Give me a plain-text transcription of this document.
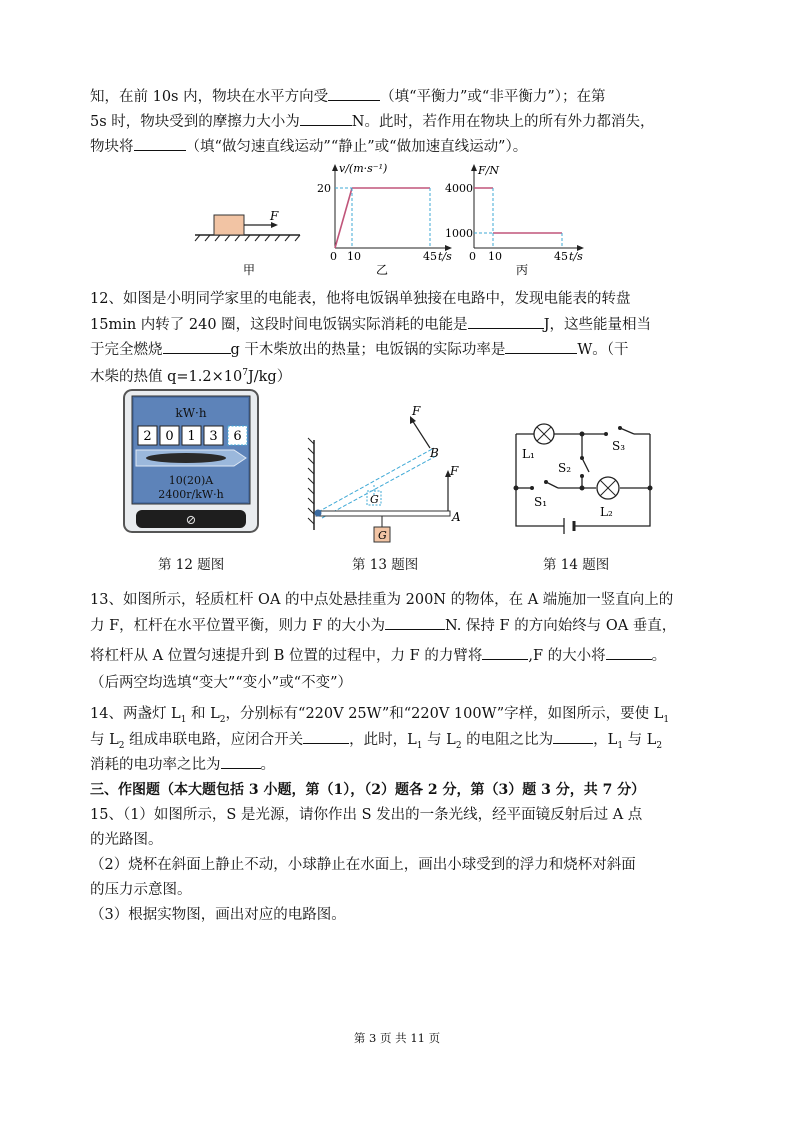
知，在前 10s 内，物块在水平方向受	（填“平衡力”或“非平衡力”）；在第
5s 时，物块受到的摩擦力大小为	N。此时，若作用在物块上的所有外力都消失，
物块将	（填“做匀速直线运动”“静止”或“做加速直线运动”）。
F
v/(m·s⁻¹)
20
0 10	45 t/s
乙
F/N
4000
1000
0 10	45 t/s
丙
甲
12、如图是小明同学家里的电能表，他将电饭锅单独接在电路中，发现电能表的转盘
15min 内转了 240 圈，这段时间电饭锅实际消耗的电能是	J，这些能量相当
于完全燃烧	g 干木柴放出的热量；电饭锅的实际功率是	W。（干
木柴的热值 $q=1.2\times 10^7J/kg$）
kW·h
2 0 1 3 6
10(20)A
2400r/kW·h
⊘
G
F
B
F
A
G
L₁
L₂
S₁
S₂
S₃
第 12 题图	第 13 题图	第 14 题图
13、如图所示，轻质杠杆 OA 的中点处悬挂重为 200N 的物体，在 A 端施加一竖直向上的
力 F，杠杆在水平位置平衡，则力 F 的大小为	N. 保持 F 的方向始终与 OA 垂直，
将杠杆从 A 位置匀速提升到 B 位置的过程中，力 F 的力臂将	,F 的大小将	。
（后两空均选填“变大”“变小”或“不变”）
14、两盏灯 $L_1$ 和 $L_2$，分别标有“220V 25W”和“220V 100W”字样，如图所示，要使 $L_1$
与 $L_2$ 组成串联电路，应闭合开关	，此时，$L_1$ 与 $L_2$ 的电阻之比为	，$L_1$ 与 $L_2$
消耗的电功率之比为	。
三、作图题（本大题包括 3 小题，第（1），（2）题各 2 分，第（3）题 3 分，共 7 分）
15、（1）如图所示，S 是光源，请你作出 S 发出的一条光线，经平面镜反射后过 A 点
的光路图。
（2）烧杯在斜面上静止不动，小球静止在水面上，画出小球受到的浮力和烧杯对斜面
的压力示意图。
（3）根据实物图，画出对应的电路图。
第 3 页 共 11 页
